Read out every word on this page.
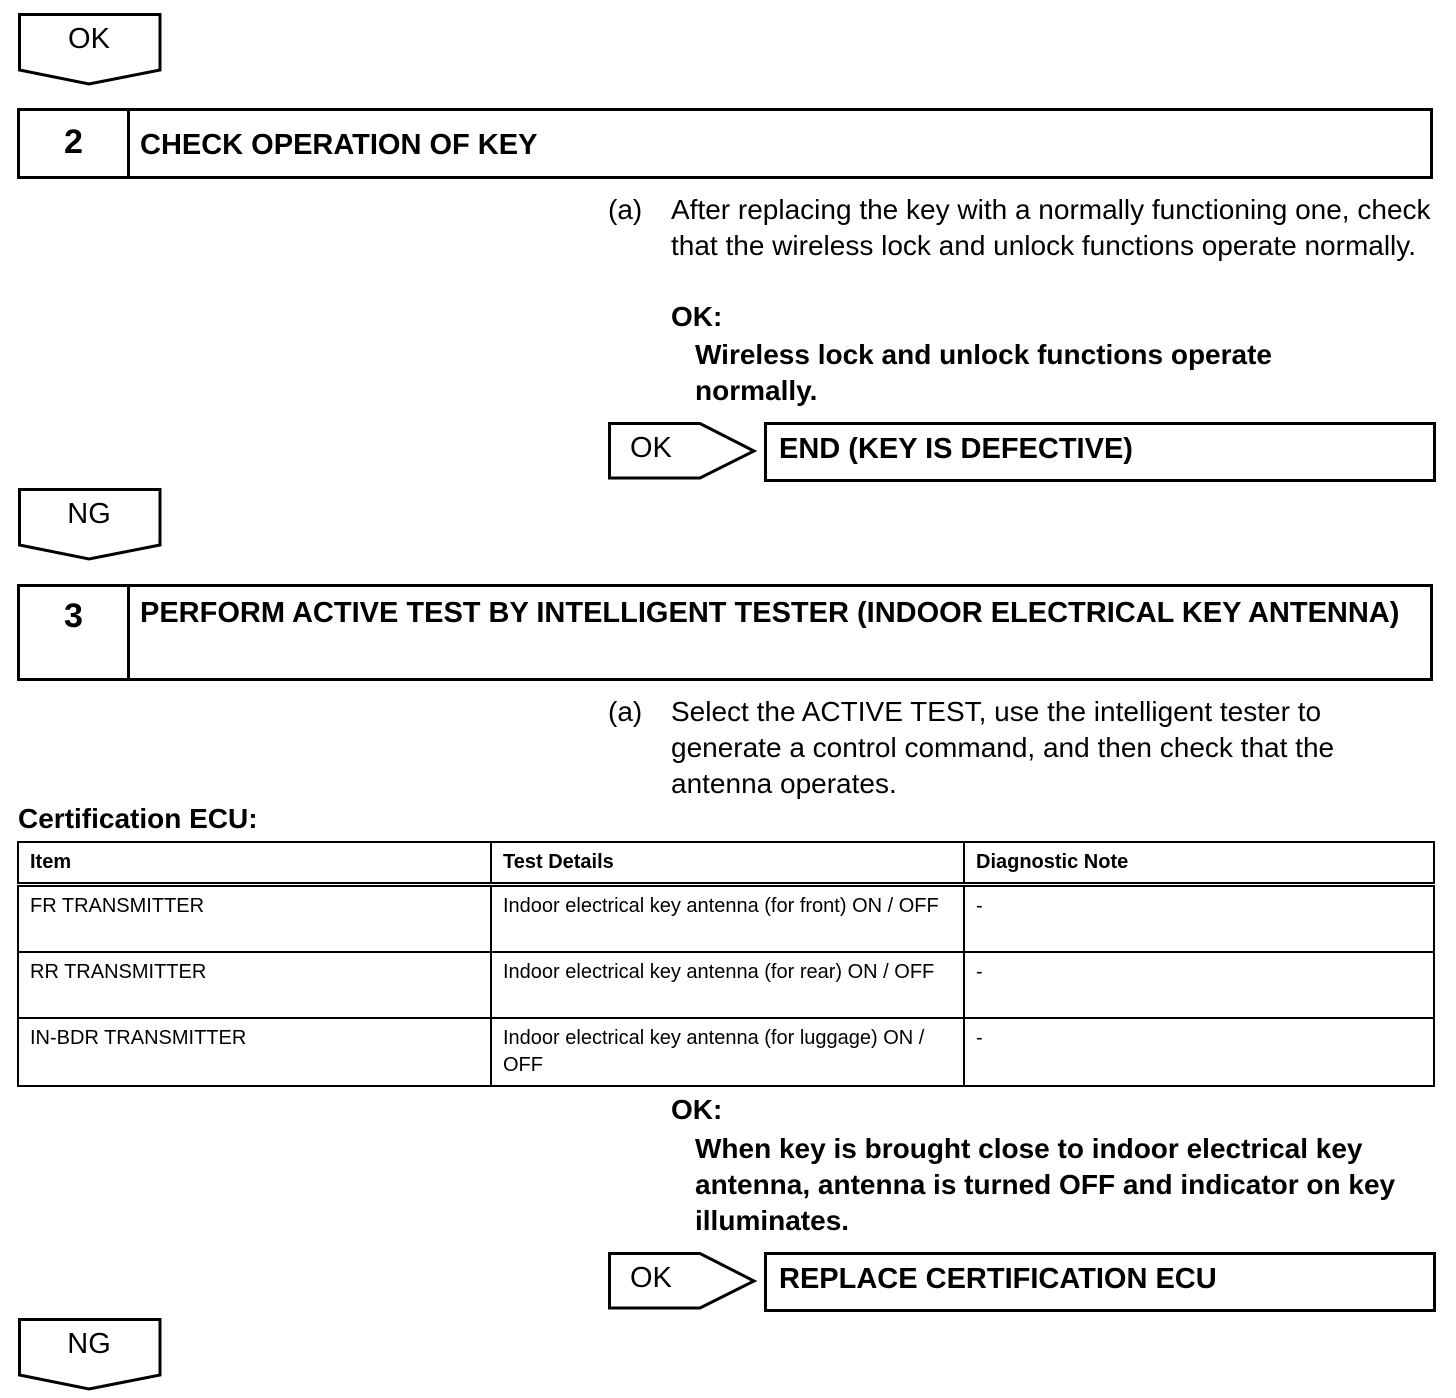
OK
2	CHECK OPERATION OF KEY
(a) After replacing the key with a normally functioning one, check that the wireless lock and unlock functions operate normally.
OK:
Wireless lock and unlock functions operate normally.
OK	END (KEY IS DEFECTIVE)
NG
3	PERFORM ACTIVE TEST BY INTELLIGENT TESTER (INDOOR ELECTRICAL KEY ANTENNA)
(a) Select the ACTIVE TEST, use the intelligent tester to generate a control command, and then check that the antenna operates.
Certification ECU:
Item	Test Details	Diagnostic Note
FR TRANSMITTER	Indoor electrical key antenna (for front) ON / OFF	-
RR TRANSMITTER	Indoor electrical key antenna (for rear) ON / OFF	-
IN-BDR TRANSMITTER	Indoor electrical key antenna (for luggage) ON / OFF	-
OK:
When key is brought close to indoor electrical key antenna, antenna is turned OFF and indicator on key illuminates.
OK	REPLACE CERTIFICATION ECU
NG
